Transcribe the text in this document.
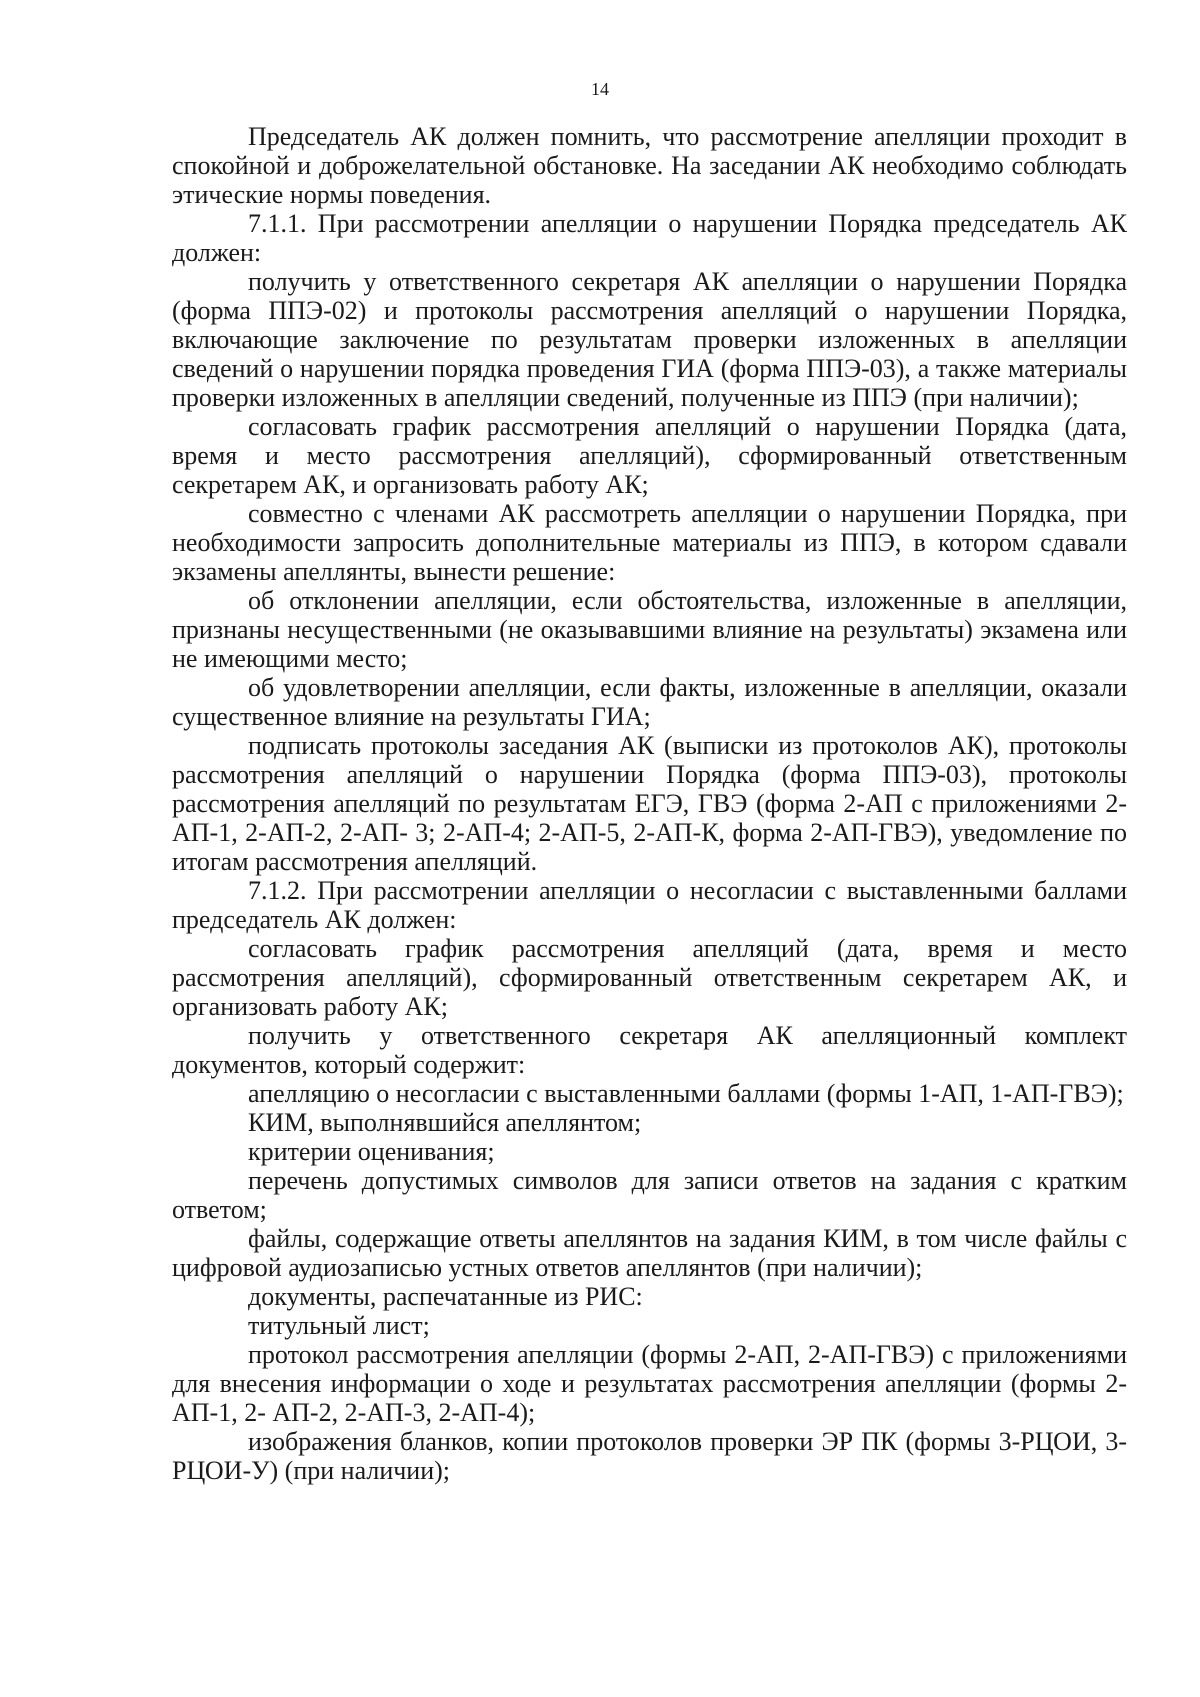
14

Председатель АК должен помнить, что рассмотрение апелляции проходит в спокойной и доброжелательной обстановке. На заседании АК необходимо соблюдать этические нормы поведения.

7.1.1. При рассмотрении апелляции о нарушении Порядка председатель АК должен:

получить у ответственного секретаря АК апелляции о нарушении Порядка (форма ППЭ-02) и протоколы рассмотрения апелляций о нарушении Порядка, включающие заключение по результатам проверки изложенных в апелляции сведений о нарушении порядка проведения ГИА (форма ППЭ-03), а также материалы проверки изложенных в апелляции сведений, полученные из ППЭ (при наличии);

согласовать график рассмотрения апелляций о нарушении Порядка (дата, время и место рассмотрения апелляций), сформированный ответственным секретарем АК, и организовать работу АК;

совместно с членами АК рассмотреть апелляции о нарушении Порядка, при необходимости запросить дополнительные материалы из ППЭ, в котором сдавали экзамены апеллянты, вынести решение:

об отклонении апелляции, если обстоятельства, изложенные в апелляции, признаны несущественными (не оказывавшими влияние на результаты) экзамена или не имеющими место;

об удовлетворении апелляции, если факты, изложенные в апелляции, оказали существенное влияние на результаты ГИА;

подписать протоколы заседания АК (выписки из протоколов АК), протоколы рассмотрения апелляций о нарушении Порядка (форма ППЭ-03), протоколы рассмотрения апелляций по результатам ЕГЭ, ГВЭ (форма 2-АП с приложениями 2-АП-1, 2-АП-2, 2-АП- 3; 2-АП-4; 2-АП-5, 2-АП-К, форма 2-АП-ГВЭ), уведомление по итогам рассмотрения апелляций.

7.1.2. При рассмотрении апелляции о несогласии с выставленными баллами председатель АК должен:

согласовать график рассмотрения апелляций (дата, время и место рассмотрения апелляций), сформированный ответственным секретарем АК, и организовать работу АК;

получить у ответственного секретаря АК апелляционный комплект документов, который содержит:

апелляцию о несогласии с выставленными баллами (формы 1-АП, 1-АП-ГВЭ);

КИМ, выполнявшийся апеллянтом;

критерии оценивания;

перечень допустимых символов для записи ответов на задания с кратким ответом;

файлы, содержащие ответы апеллянтов на задания КИМ, в том числе файлы с цифровой аудиозаписью устных ответов апеллянтов (при наличии);

документы, распечатанные из РИС:

титульный лист;

протокол рассмотрения апелляции (формы 2-АП, 2-АП-ГВЭ) с приложениями для внесения информации о ходе и результатах рассмотрения апелляции (формы 2-АП-1, 2- АП-2, 2-АП-3, 2-АП-4);

изображения бланков, копии протоколов проверки ЭР ПК (формы 3-РЦОИ, 3- РЦОИ-У) (при наличии);
